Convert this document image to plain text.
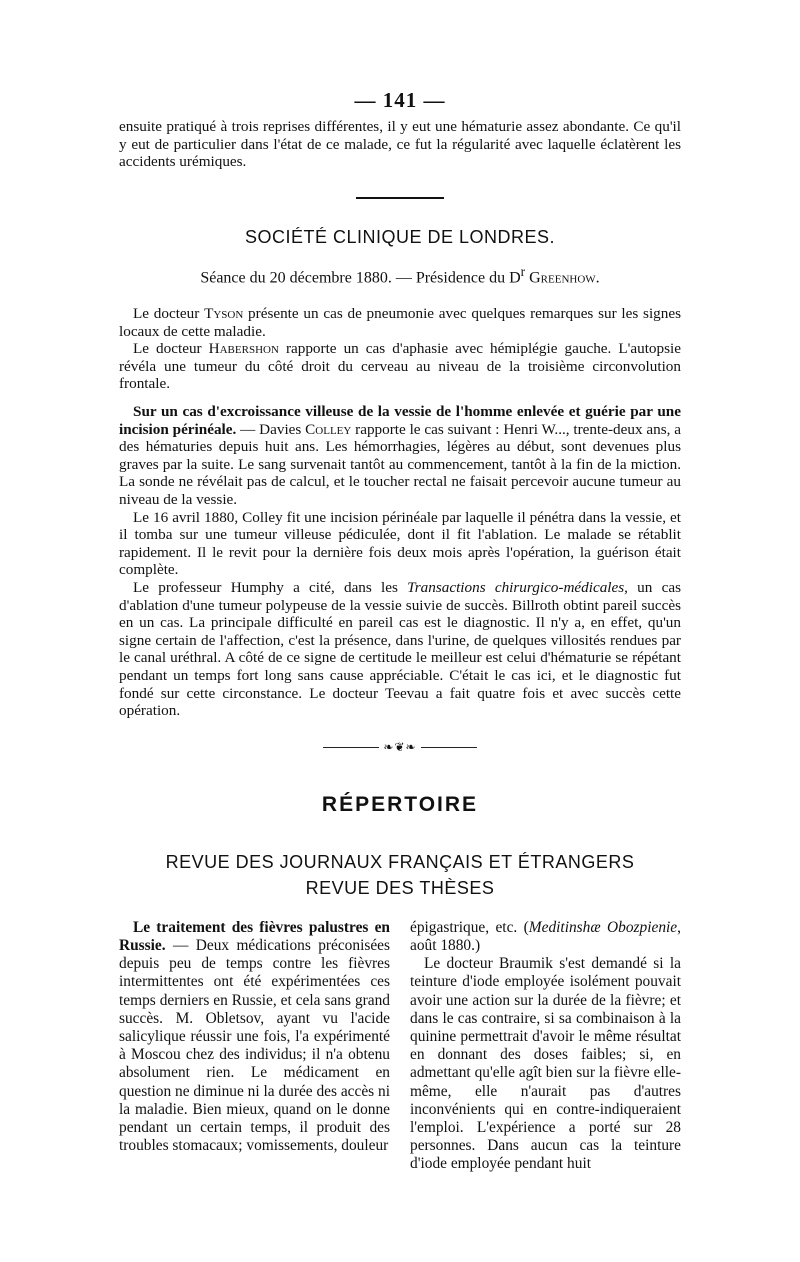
— 141 —

ensuite pratiqué à trois reprises différentes, il y eut une hématurie assez abondante. Ce qu'il y eut de particulier dans l'état de ce malade, ce fut la régularité avec laquelle éclatèrent les accidents urémiques.

SOCIÉTÉ CLINIQUE DE LONDRES.
Séance du 20 décembre 1880. — Présidence du $D^r$ Greenhow.

Le docteur Tyson présente un cas de pneumonie avec quelques remarques sur les signes locaux de cette maladie.

Le docteur Habershon rapporte un cas d'aphasie avec hémiplégie gauche. L'autopsie révéla une tumeur du côté droit du cerveau au niveau de la troisième circonvolution frontale.

Sur un cas d'excroissance villeuse de la vessie de l'homme enlevée et guérie par une incision périnéale. — Davies Colley rapporte le cas suivant : Henri W..., trente-deux ans, a des hématuries depuis huit ans. Les hémorrhagies, légères au début, sont devenues plus graves par la suite. Le sang survenait tantôt au commencement, tantôt à la fin de la miction. La sonde ne révélait pas de calcul, et le toucher rectal ne faisait percevoir aucune tumeur au niveau de la vessie.

Le 16 avril 1880, Colley fit une incision périnéale par laquelle il pénétra dans la vessie, et il tomba sur une tumeur villeuse pédiculée, dont il fit l'ablation. Le malade se rétablit rapidement. Il le revit pour la dernière fois deux mois après l'opération, la guérison était complète.

Le professeur Humphy a cité, dans les Transactions chirurgico-médicales, un cas d'ablation d'une tumeur polypeuse de la vessie suivie de succès. Billroth obtint pareil succès en un cas. La principale difficulté en pareil cas est le diagnostic. Il n'y a, en effet, qu'un signe certain de l'affection, c'est la présence, dans l'urine, de quelques villosités rendues par le canal uréthral. A côté de ce signe de certitude le meilleur est celui d'hématurie se répétant pendant un temps fort long sans cause appréciable. C'était le cas ici, et le diagnostic fut fondé sur cette circonstance. Le docteur Teevau a fait quatre fois et avec succès cette opération.

❧❦❧
RÉPERTOIRE
REVUE DES JOURNAUX FRANÇAIS ET ÉTRANGERS
REVUE DES THÈSES

Le traitement des fièvres palustres en Russie. — Deux médications préconisées depuis peu de temps contre les fièvres intermittentes ont été expérimentées ces temps derniers en Russie, et cela sans grand succès. M. Obletsov, ayant vu l'acide salicylique réussir une fois, l'a expérimenté à Moscou chez des individus; il n'a obtenu absolument rien. Le médicament en question ne diminue ni la durée des accès ni la maladie. Bien mieux, quand on le donne pendant un certain temps, il produit des troubles stomacaux; vomissements, douleur

épigastrique, etc. (Meditinshæ Obozpienie, août 1880.)

Le docteur Braumik s'est demandé si la teinture d'iode employée isolément pouvait avoir une action sur la durée de la fièvre; et dans le cas contraire, si sa combinaison à la quinine permettrait d'avoir le même résultat en donnant des doses faibles; si, en admettant qu'elle agît bien sur la fièvre elle-même, elle n'aurait pas d'autres inconvénients qui en contre-indiqueraient l'emploi. L'expérience a porté sur 28 personnes. Dans aucun cas la teinture d'iode employée pendant huit
